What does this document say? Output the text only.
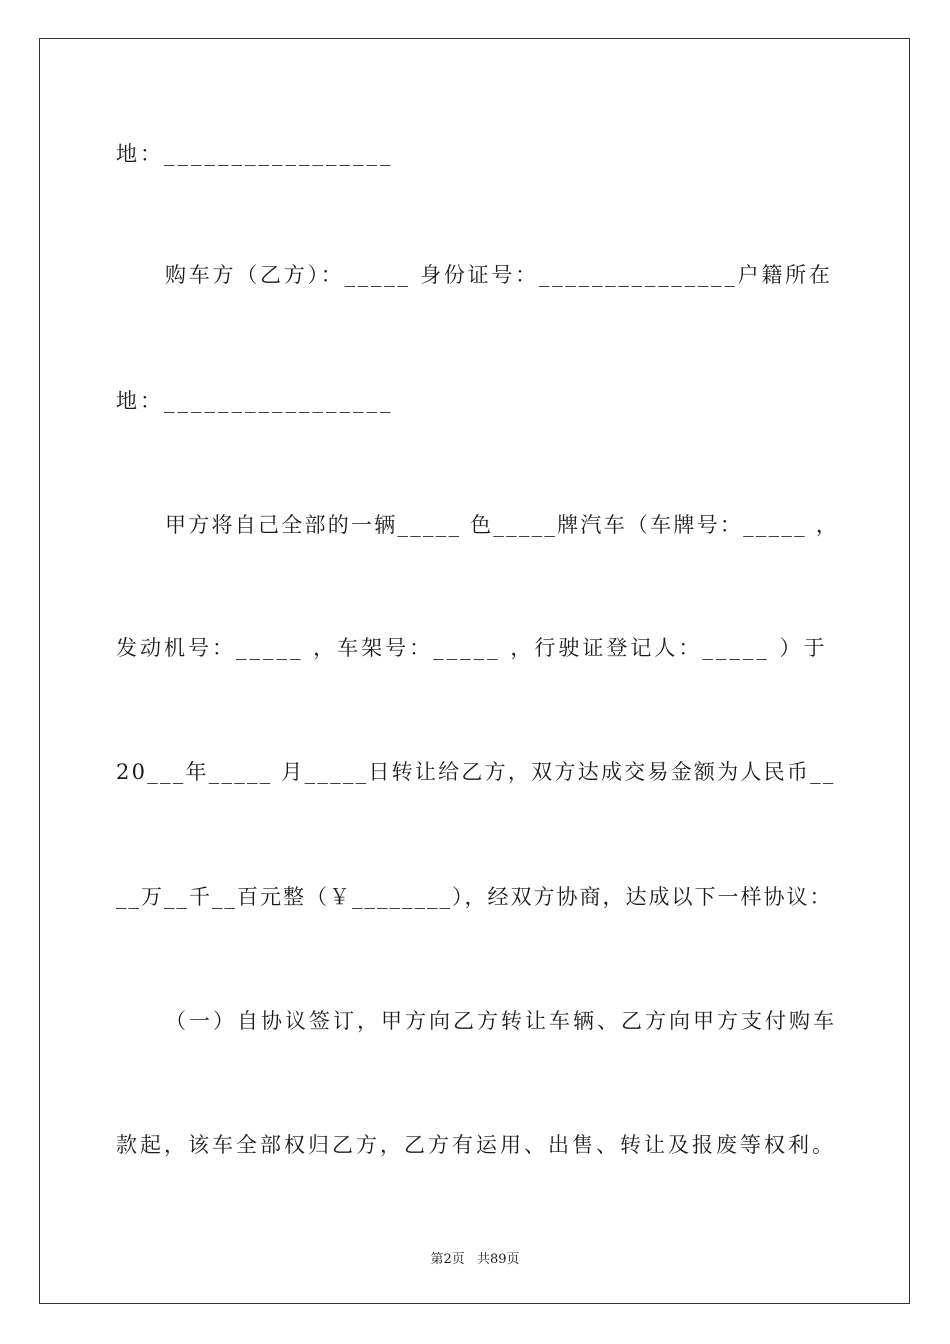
地：_________________
购车方（乙方）：_____ 身份证号：_______________户籍所在
地：_________________
甲方将自己全部的一辆_____ 色_____牌汽车（车牌号：_____ ，
发动机号：_____ ，车架号：_____ ，行驶证登记人：_____ ）于
20___年_____ 月_____日转让给乙方，双方达成交易金额为人民币__
__万__千__百元整（￥________），经双方协商，达成以下一样协议：
（一）自协议签订，甲方向乙方转让车辆、乙方向甲方支付购车
款起，该车全部权归乙方，乙方有运用、出售、转让及报废等权利。
第2页 共89页
